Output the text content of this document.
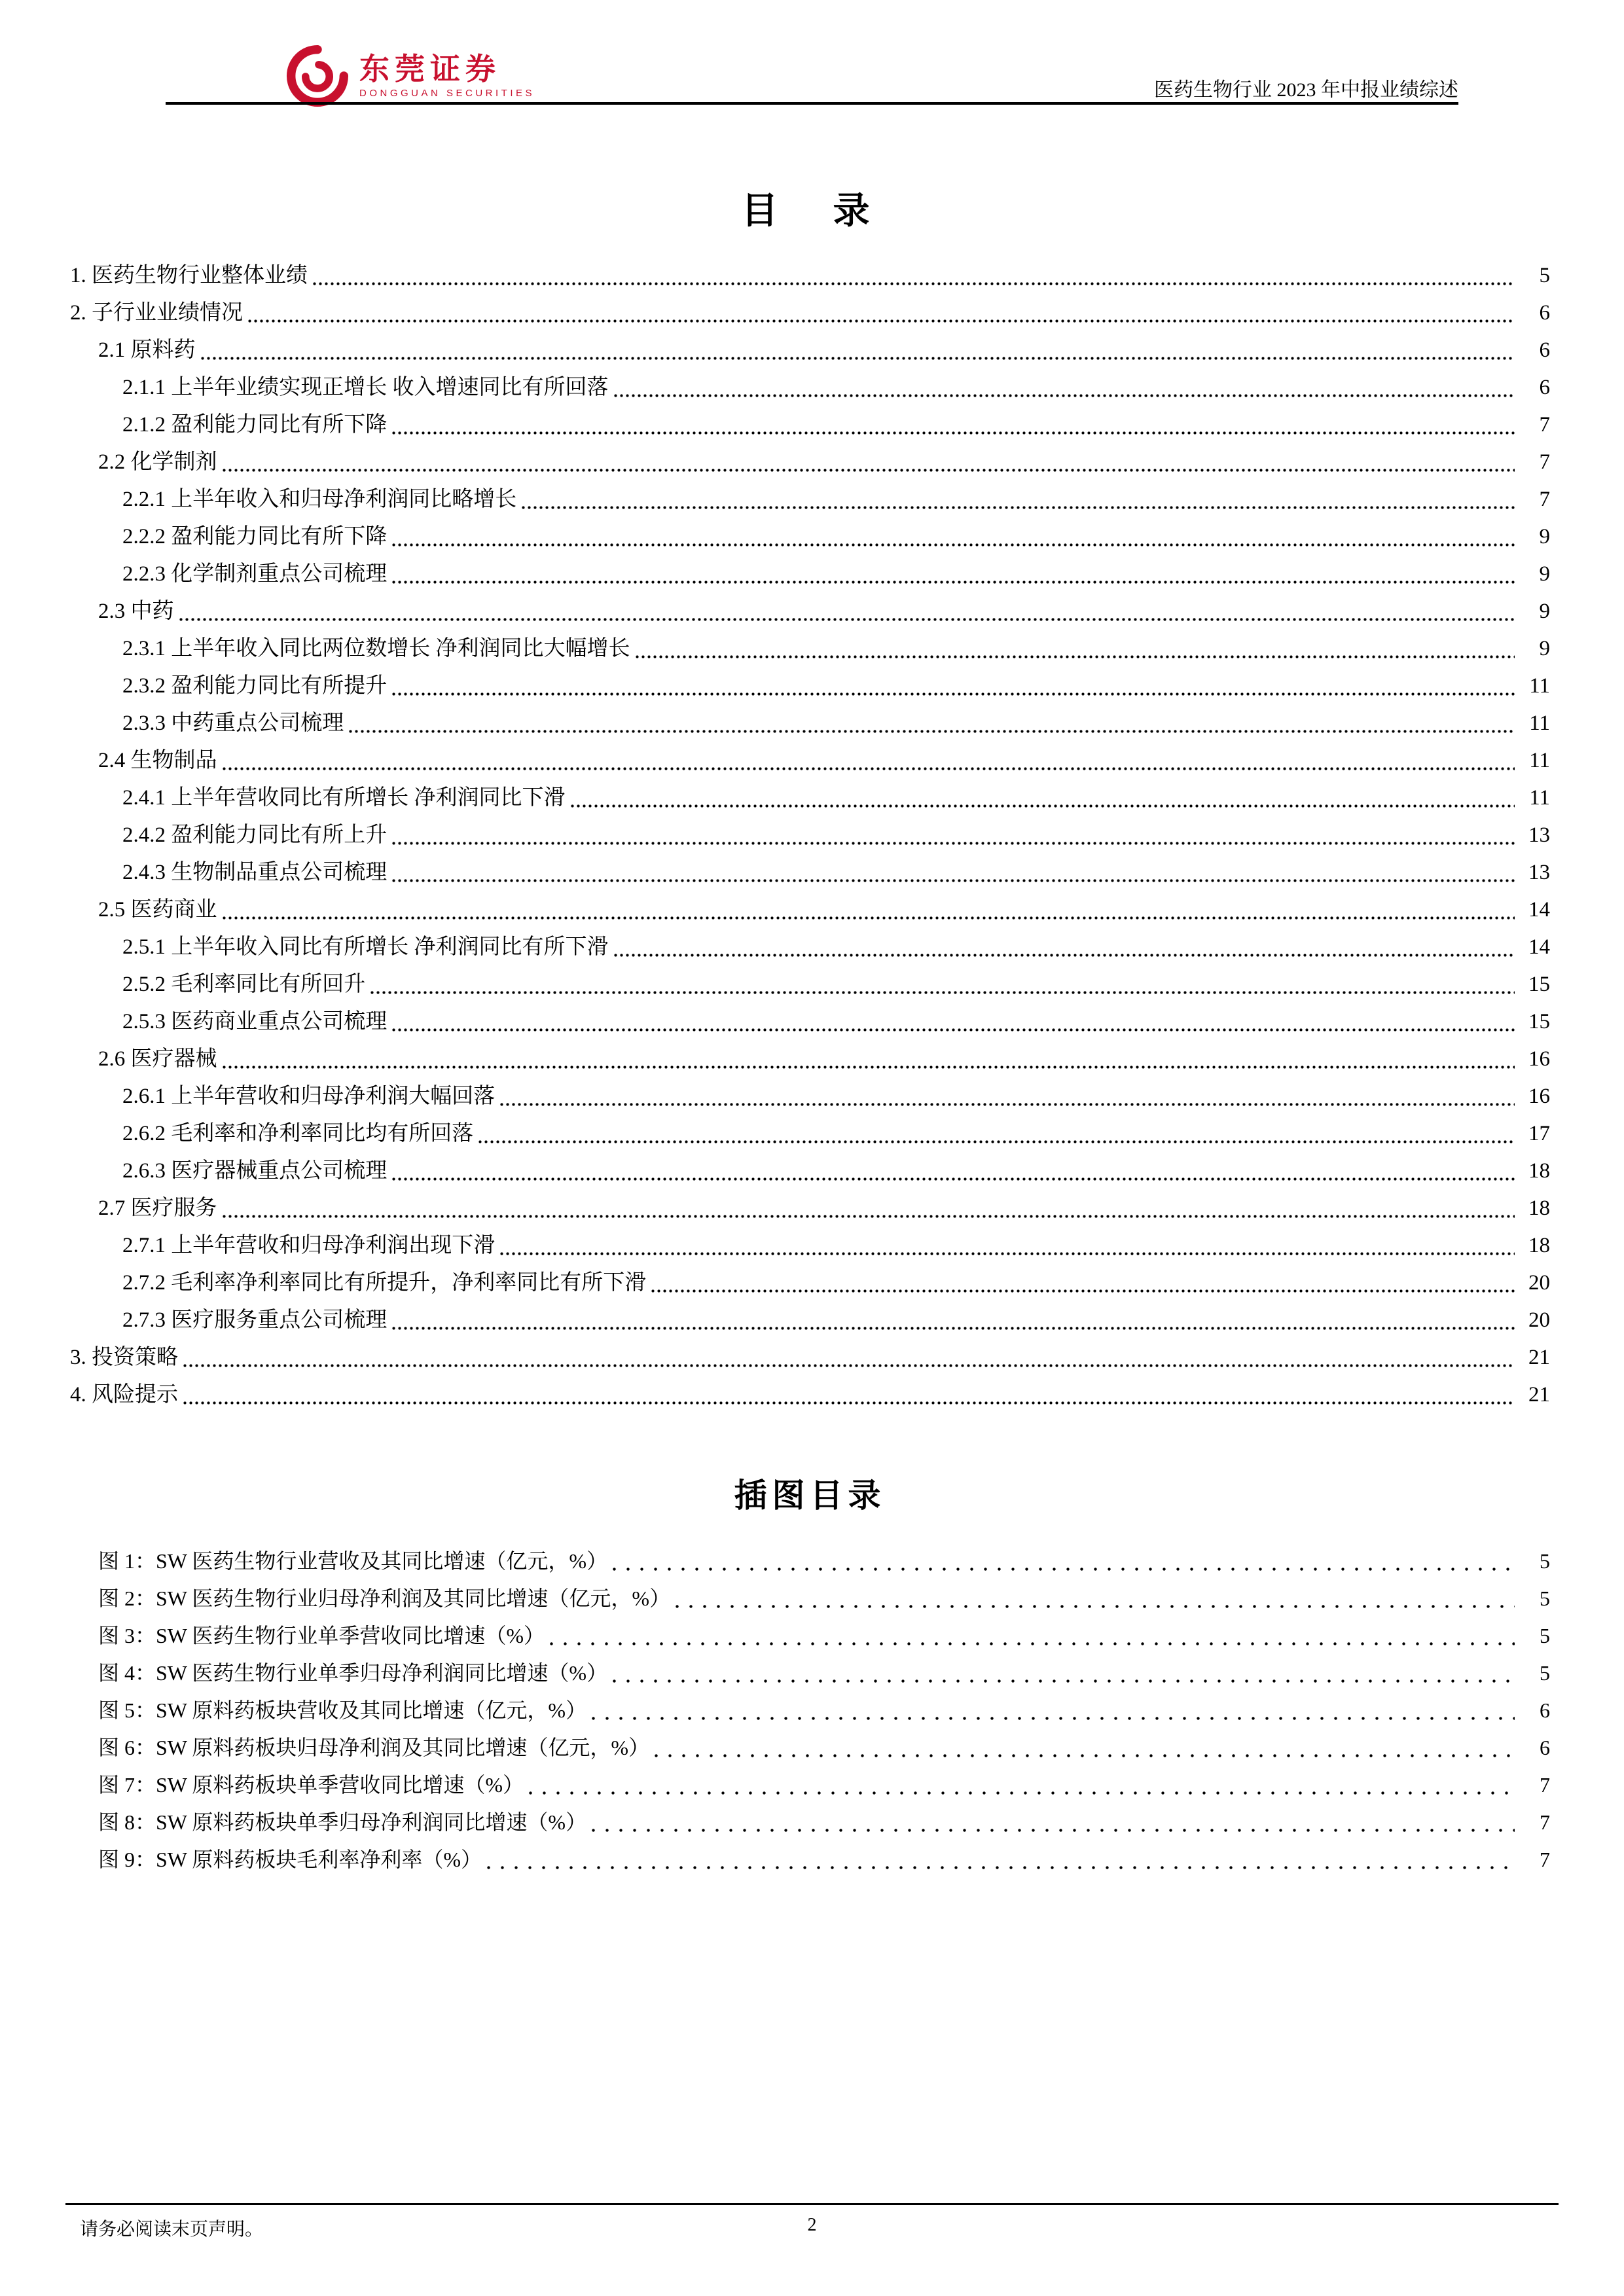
东莞证券
DONGGUAN SECURITIES	医药生物行业 2023 年中报业绩综述
目　录
1. 医药生物行业整体业绩	5
2. 子行业业绩情况	6
2.1 原料药	6
2.1.1 上半年业绩实现正增长 收入增速同比有所回落	6
2.1.2 盈利能力同比有所下降	7
2.2 化学制剂	7
2.2.1 上半年收入和归母净利润同比略增长	7
2.2.2 盈利能力同比有所下降	9
2.2.3 化学制剂重点公司梳理	9
2.3 中药	9
2.3.1 上半年收入同比两位数增长 净利润同比大幅增长	9
2.3.2 盈利能力同比有所提升	11
2.3.3 中药重点公司梳理	11
2.4 生物制品	11
2.4.1 上半年营收同比有所增长 净利润同比下滑	11
2.4.2 盈利能力同比有所上升	13
2.4.3 生物制品重点公司梳理	13
2.5 医药商业	14
2.5.1 上半年收入同比有所增长 净利润同比有所下滑	14
2.5.2 毛利率同比有所回升	15
2.5.3 医药商业重点公司梳理	15
2.6 医疗器械	16
2.6.1 上半年营收和归母净利润大幅回落	16
2.6.2 毛利率和净利率同比均有所回落	17
2.6.3 医疗器械重点公司梳理	18
2.7 医疗服务	18
2.7.1 上半年营收和归母净利润出现下滑	18
2.7.2 毛利率净利率同比有所提升，净利率同比有所下滑	20
2.7.3 医疗服务重点公司梳理	20
3. 投资策略	21
4. 风险提示	21
插图目录
图 1：SW 医药生物行业营收及其同比增速（亿元，%）	5
图 2：SW 医药生物行业归母净利润及其同比增速（亿元，%）	5
图 3：SW 医药生物行业单季营收同比增速（%）	5
图 4：SW 医药生物行业单季归母净利润同比增速（%）	5
图 5：SW 原料药板块营收及其同比增速（亿元，%）	6
图 6：SW 原料药板块归母净利润及其同比增速（亿元，%）	6
图 7：SW 原料药板块单季营收同比增速（%）	7
图 8：SW 原料药板块单季归母净利润同比增速（%）	7
图 9：SW 原料药板块毛利率净利率（%）	7
请务必阅读末页声明。	2
